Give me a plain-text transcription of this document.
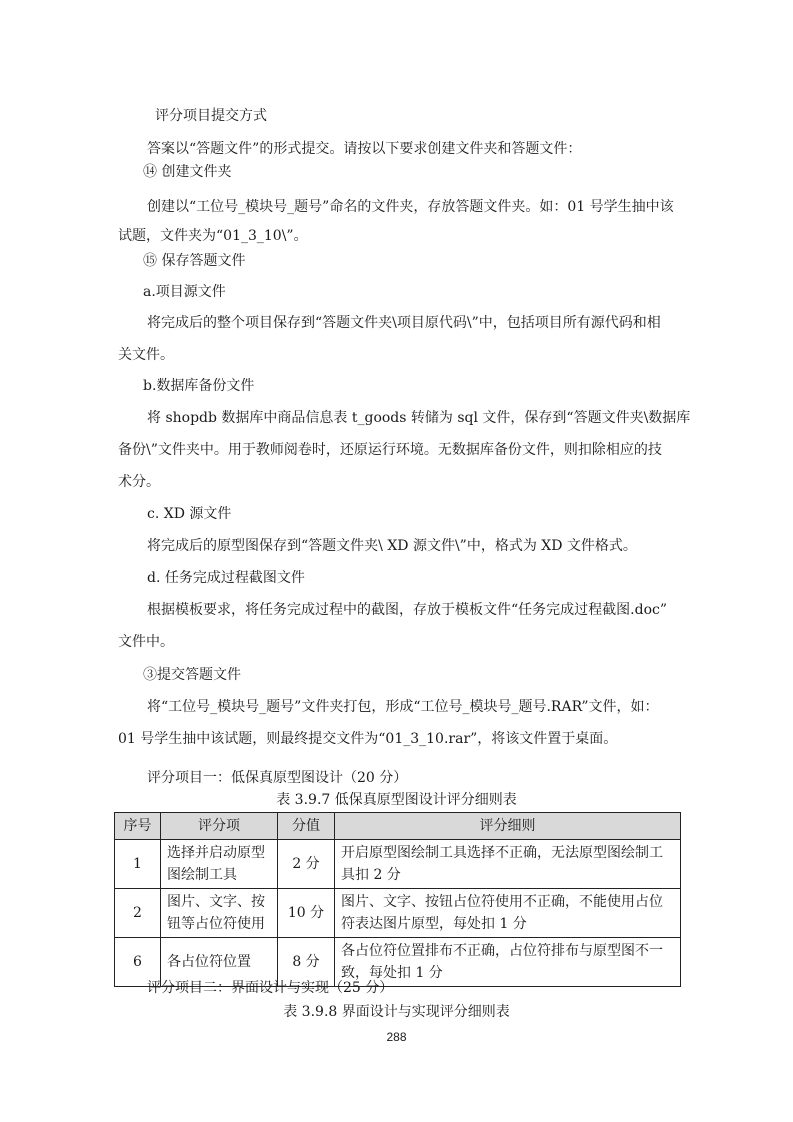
评分项目提交方式
答案以“答题文件”的形式提交。请按以下要求创建文件夹和答题文件：
⑭ 创建文件夹
创建以“工位号_模块号_题号”命名的文件夹，存放答题文件夹。如：01 号学生抽中该
试题，文件夹为“01_3_10\”。
⑮ 保存答题文件
a.项目源文件
将完成后的整个项目保存到“答题文件夹\项目原代码\”中，包括项目所有源代码和相
关文件。
b.数据库备份文件
将 shopdb 数据库中商品信息表 t_goods 转储为 sql 文件，保存到“答题文件夹\数据库
备份\”文件夹中。用于教师阅卷时，还原运行环境。无数据库备份文件，则扣除相应的技
术分。
c. XD 源文件
将完成后的原型图保存到“答题文件夹\ XD 源文件\”中，格式为 XD 文件格式。
d. 任务完成过程截图文件
根据模板要求，将任务完成过程中的截图，存放于模板文件“任务完成过程截图.doc”
文件中。
③提交答题文件
将“工位号_模块号_题号”文件夹打包，形成“工位号_模块号_题号.RAR”文件，如：
01 号学生抽中该试题，则最终提交文件为“01_3_10.rar”，将该文件置于桌面。
评分项目一：低保真原型图设计（20 分）
表 3.9.7 低保真原型图设计评分细则表
序号	评分项	分值	评分细则
1	选择并启动原型图绘制工具	2 分	开启原型图绘制工具选择不正确，无法原型图绘制工具扣 2 分
2	图片、文字、按钮等占位符使用	10 分	图片、文字、按钮占位符使用不正确，不能使用占位符表达图片原型，每处扣 1 分
6	各占位符位置	8 分	各占位符位置排布不正确，占位符排布与原型图不一致，每处扣 1 分
评分项目二：界面设计与实现（25 分）
表 3.9.8 界面设计与实现评分细则表
288
